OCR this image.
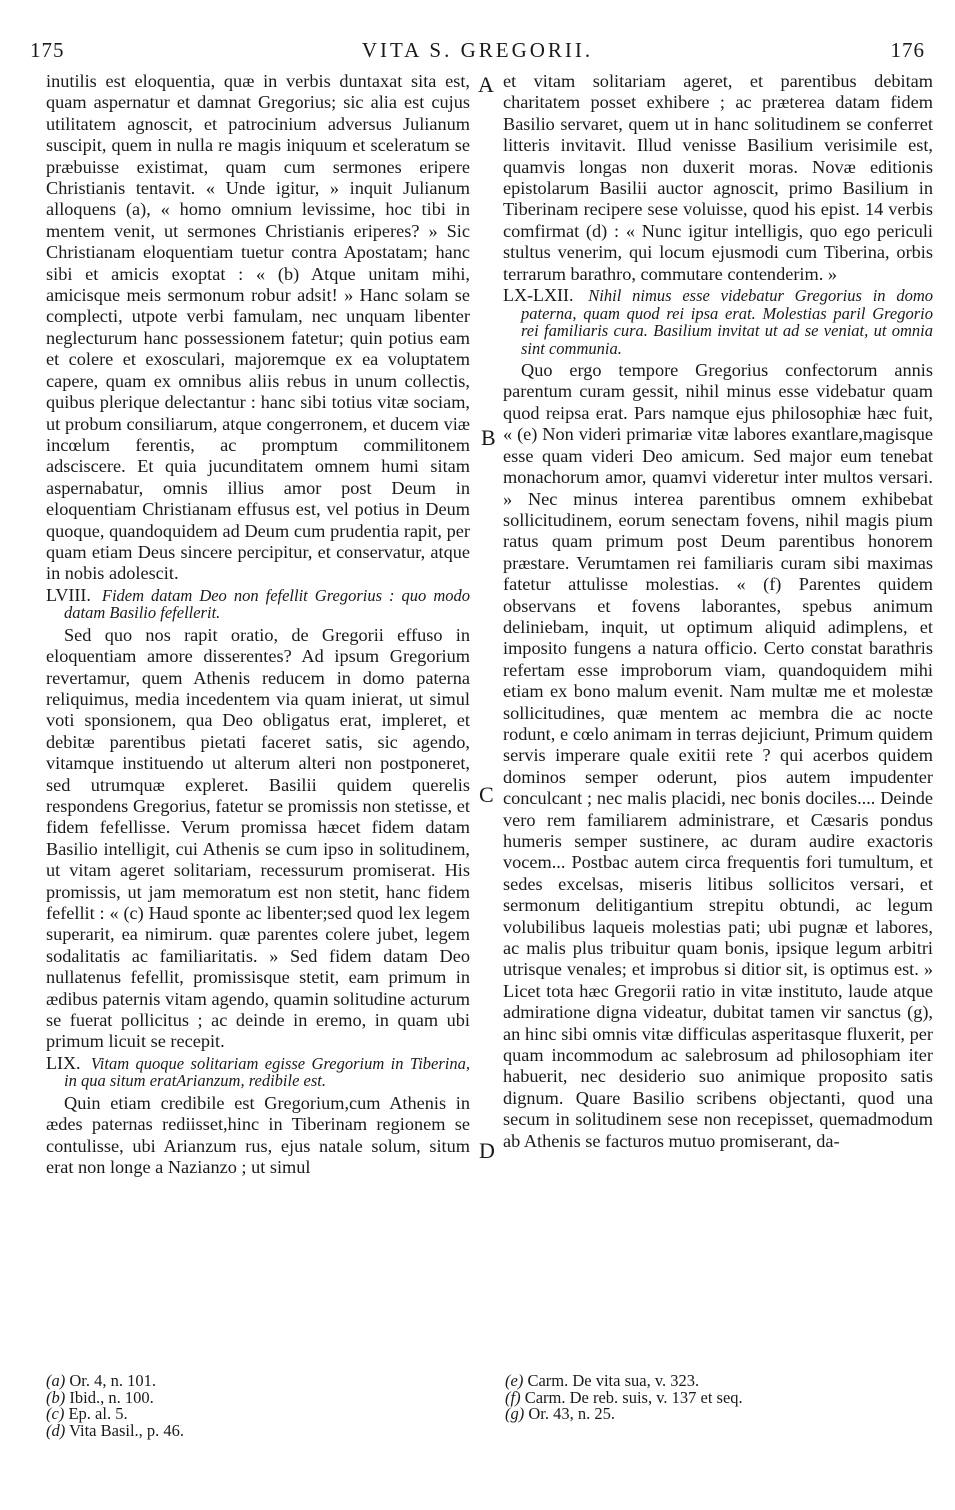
175	VITA S. GREGORII.	176

inutilis est eloquentia, quæ in verbis duntaxat sita est, quam aspernatur et damnat Gregorius; sic alia est cujus utilitatem agnoscit, et patrocinium adversus Julianum suscipit, quem in nulla re magis iniquum et sceleratum se præbuisse existimat, quam cum sermones eripere Christianis tentavit. « Unde igitur, » inquit Julianum alloquens (a), « homo omnium levissime, hoc tibi in mentem venit, ut sermones Christianis eriperes? » Sic Christianam eloquentiam tuetur contra Apostatam; hanc sibi et amicis exoptat : « (b) Atque unitam mihi, amicisque meis sermonum robur adsit! » Hanc solam se complecti, utpote verbi famulam, nec unquam libenter neglecturum hanc possessionem fatetur; quin potius eam et colere et exosculari, majoremque ex ea voluptatem capere, quam ex omnibus aliis rebus in unum collectis, quibus plerique delectantur : hanc sibi totius vitæ sociam, ut probum consiliarum, atque congerronem, et ducem viæ incœlum ferentis, ac promptum commilitonem adsciscere. Et quia jucunditatem omnem humi sitam aspernabatur, omnis illius amor post Deum in eloquentiam Christianam effusus est, vel potius in Deum quoque, quandoquidem ad Deum cum prudentia rapit, per quam etiam Deus sincere percipitur, et conservatur, atque in nobis adolescit.

LVIII. Fidem datam Deo non fefellit Gregorius : quo modo datam Basilio fefellerit.

Sed quo nos rapit oratio, de Gregorii effuso in eloquentiam amore disserentes? Ad ipsum Gregorium revertamur, quem Athenis reducem in domo paterna reliquimus, media incedentem via quam inierat, ut simul voti sponsionem, qua Deo obligatus erat, impleret, et debitæ parentibus pietati faceret satis, sic agendo, vitamque instituendo ut alterum alteri non postponeret, sed utrumquæ expleret. Basilii quidem querelis respondens Gregorius, fatetur se promissis non stetisse, et fidem fefellisse. Verum promissa hæcet fidem datam Basilio intelligit, cui Athenis se cum ipso in solitudinem, ut vitam ageret solitariam, recessurum promiserat. His promissis, ut jam memoratum est non stetit, hanc fidem fefellit : « (c) Haud sponte ac libenter;sed quod lex legem superarit, ea nimirum. quæ parentes colere jubet, legem sodalitatis ac familiaritatis. » Sed fidem datam Deo nullatenus fefellit, promissisque stetit, eam primum in ædibus paternis vitam agendo, quamin solitudine acturum se fuerat pollicitus ; ac deinde in eremo, in quam ubi primum licuit se recepit.

LIX. Vitam quoque solitariam egisse Gregorium in Tiberina, in qua situm eratArianzum, redibile est.

Quin etiam credibile est Gregorium,cum Athenis in ædes paternas rediisset,hinc in Tiberinam regionem se contulisse, ubi Arianzum rus, ejus natale solum, situm erat non longe a Nazianzo ; ut simul

A
B
C
D

et vitam solitariam ageret, et parentibus debitam charitatem posset exhibere ; ac præterea datam fidem Basilio servaret, quem ut in hanc solitudinem se conferret litteris invitavit. Illud venisse Basilium verisimile est, quamvis longas non duxerit moras. Novæ editionis epistolarum Basilii auctor agnoscit, primo Basilium in Tiberinam recipere sese voluisse, quod his epist. 14 verbis comfirmat (d) : « Nunc igitur intelligis, quo ego periculi stultus venerim, qui locum ejusmodi cum Tiberina, orbis terrarum barathro, commutare contenderim. »

LX-LXII. Nihil nimus esse videbatur Gregorius in domo paterna, quam quod rei ipsa erat. Molestias paril Gregorio rei familiaris cura. Basilium invitat ut ad se veniat, ut omnia sint communia.

Quo ergo tempore Gregorius confectorum annis parentum curam gessit, nihil minus esse videbatur quam quod reipsa erat. Pars namque ejus philosophiæ hæc fuit, « (e) Non videri primariæ vitæ labores exantlare,magisque esse quam videri Deo amicum. Sed major eum tenebat monachorum amor, quamvi videretur inter multos versari. » Nec minus interea parentibus omnem exhibebat sollicitudinem, eorum senectam fovens, nihil magis pium ratus quam primum post Deum parentibus honorem præstare. Verumtamen rei familiaris curam sibi maximas fatetur attulisse molestias. « (f) Parentes quidem observans et fovens laborantes, spebus animum deliniebam, inquit, ut optimum aliquid adimplens, et imposito fungens a natura officio. Certo constat barathris refertam esse improborum viam, quandoquidem mihi etiam ex bono malum evenit. Nam multæ me et molestæ sollicitudines, quæ mentem ac membra die ac nocte rodunt, e cœlo animam in terras dejiciunt, Primum quidem servis imperare quale exitii rete ? qui acerbos quidem dominos semper oderunt, pios autem impudenter conculcant ; nec malis placidi, nec bonis dociles.... Deinde vero rem familiarem administrare, et Cæsaris pondus humeris semper sustinere, ac duram audire exactoris vocem... Postbac autem circa frequentis fori tumultum, et sedes excelsas, miseris litibus sollicitos versari, et sermonum delitigantium strepitu obtundi, ac legum volubilibus laqueis molestias pati; ubi pugnæ et labores, ac malis plus tribuitur quam bonis, ipsique legum arbitri utrisque venales; et improbus si ditior sit, is optimus est. » Licet tota hæc Gregorii ratio in vitæ instituto, laude atque admiratione digna videatur, dubitat tamen vir sanctus (g), an hinc sibi omnis vitæ difficulas asperitasque fluxerit, per quam incommodum ac salebrosum ad philosophiam iter habuerit, nec desiderio suo animique proposito satis dignum. Quare Basilio scribens objectanti, quod una secum in solitudinem sese non recepisset, quemadmodum ab Athenis se facturos mutuo promiserant, da-

(a) Or. 4, n. 101.
(b) Ibid., n. 100.
(c) Ep. al. 5.
(d) Vita Basil., p. 46.
(e) Carm. De vita sua, v. 323.
(f) Carm. De reb. suis, v. 137 et seq.
(g) Or. 43, n. 25.
